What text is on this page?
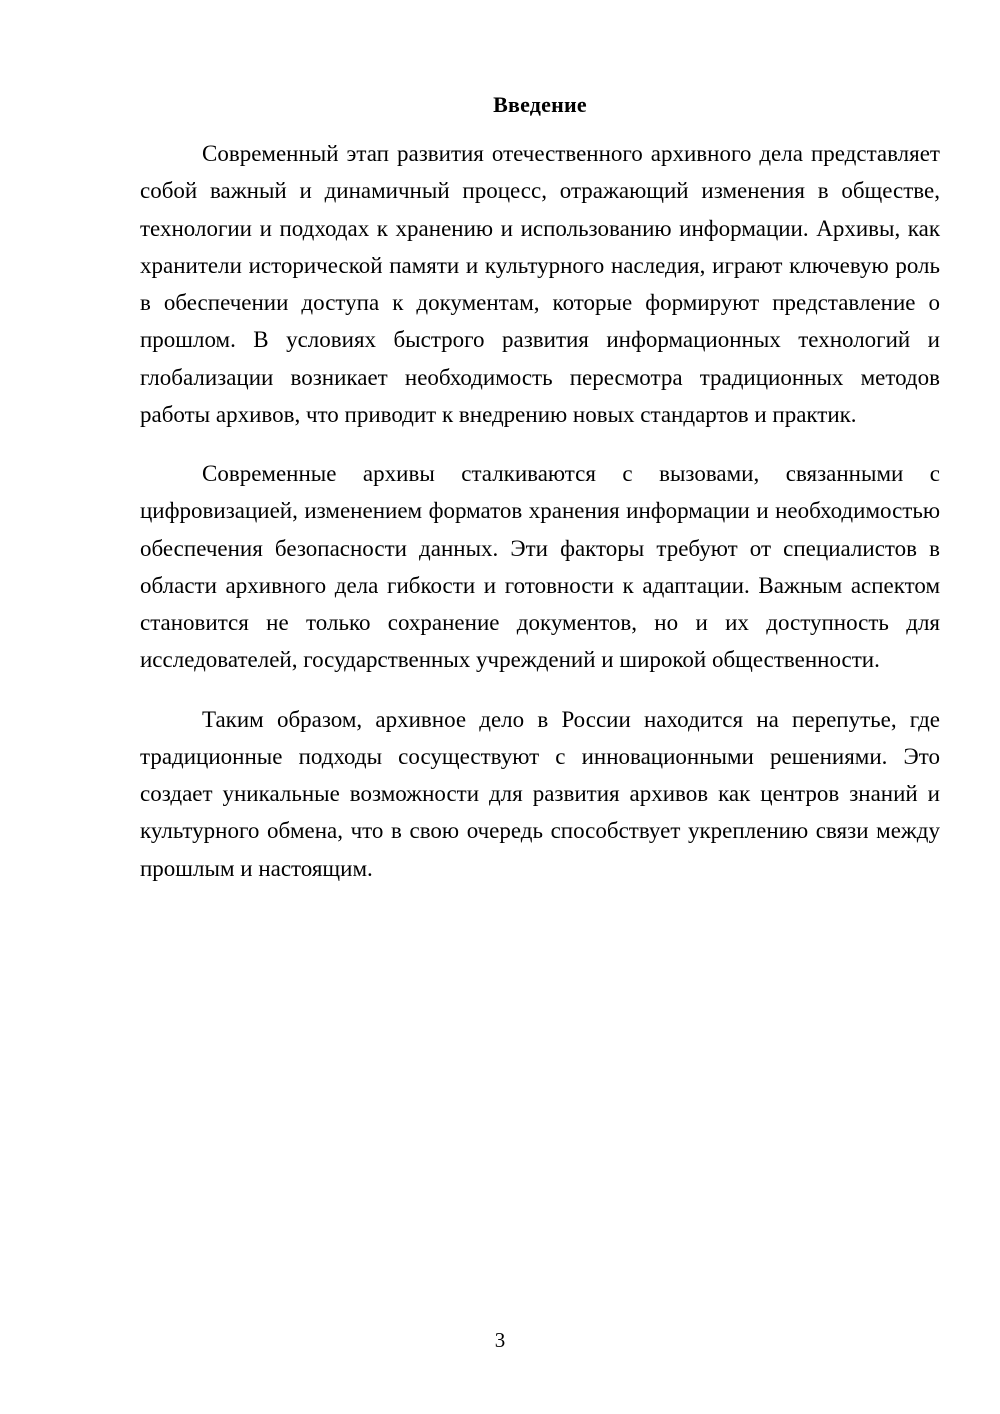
Введение

Современный этап развития отечественного архивного дела представляет собой важный и динамичный процесс, отражающий изменения в обществе, технологии и подходах к хранению и использованию информации. Архивы, как хранители исторической памяти и культурного наследия, играют ключевую роль в обеспечении доступа к документам, которые формируют представление о прошлом. В условиях быстрого развития информационных технологий и глобализации возникает необходимость пересмотра традиционных методов работы архивов, что приводит к внедрению новых стандартов и практик.

Современные архивы сталкиваются с вызовами, связанными с цифровизацией, изменением форматов хранения информации и необходимостью обеспечения безопасности данных. Эти факторы требуют от специалистов в области архивного дела гибкости и готовности к адаптации. Важным аспектом становится не только сохранение документов, но и их доступность для исследователей, государственных учреждений и широкой общественности.

Таким образом, архивное дело в России находится на перепутье, где традиционные подходы сосуществуют с инновационными решениями. Это создает уникальные возможности для развития архивов как центров знаний и культурного обмена, что в свою очередь способствует укреплению связи между прошлым и настоящим.

3
